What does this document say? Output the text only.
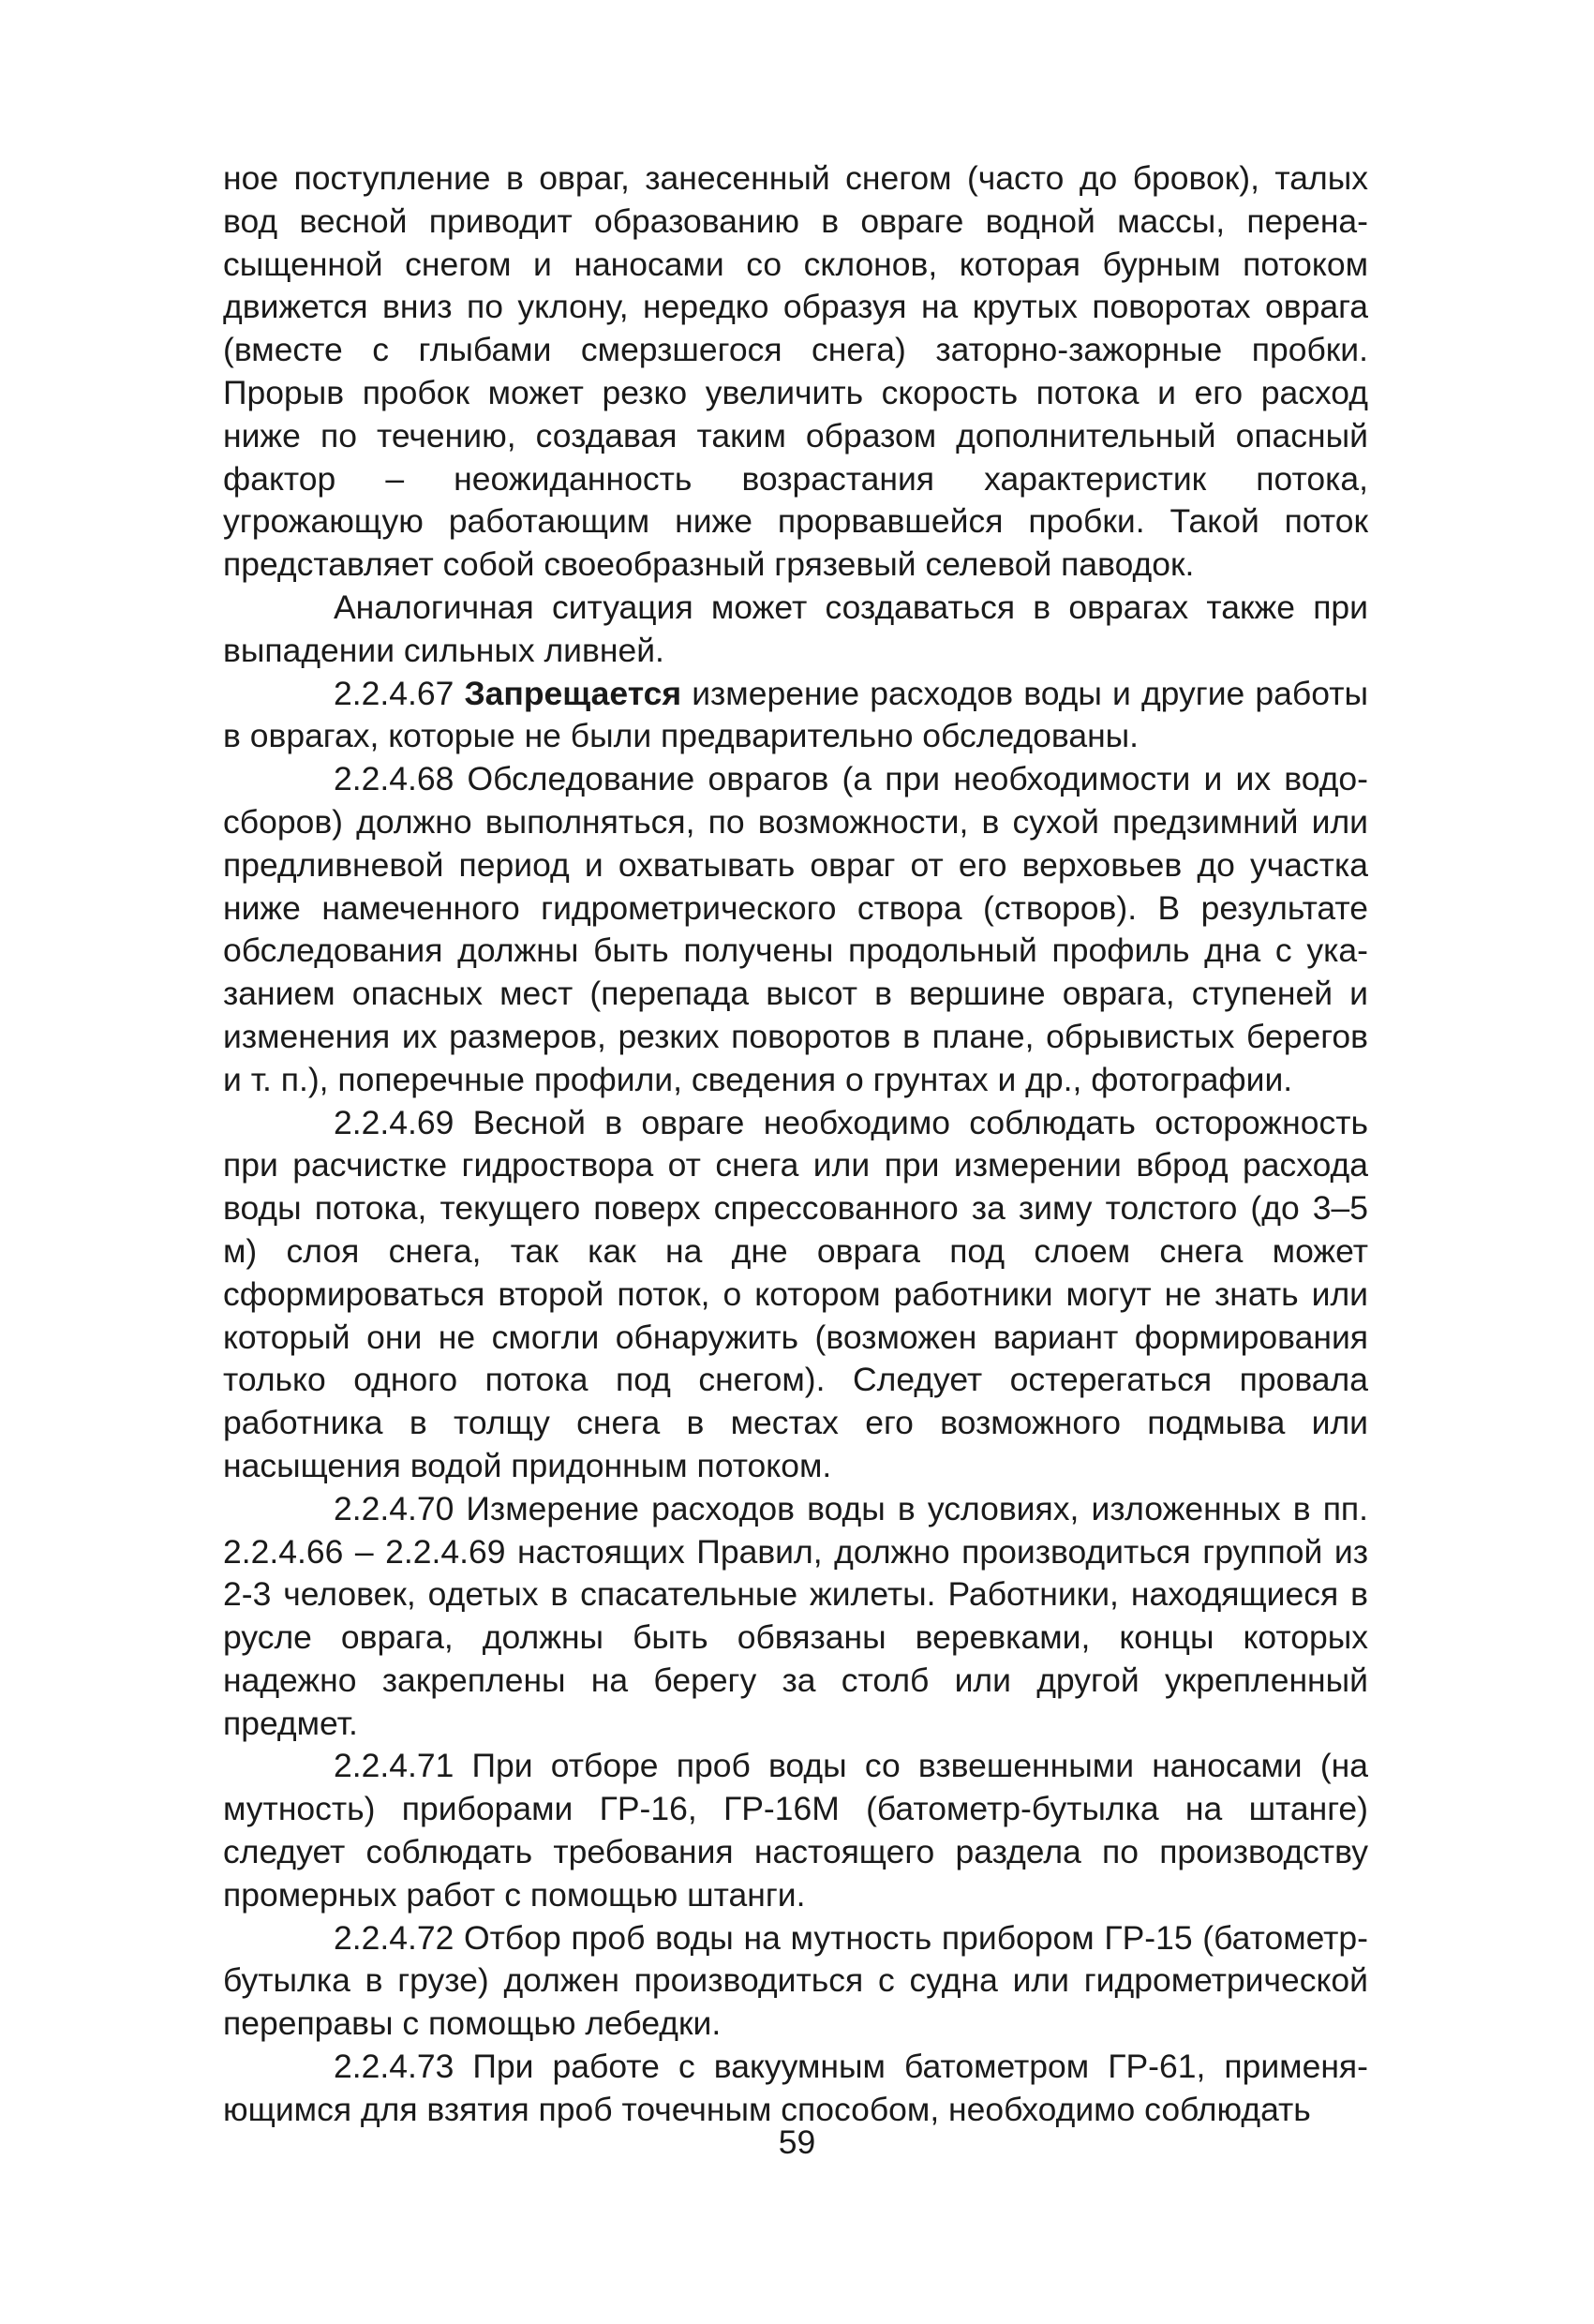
ное поступление в овраг, занесенный снегом (часто до бровок), талых вод весной приводит образованию в овраге водной массы, перенасыщенной снегом и наносами со склонов, которая бурным потоком движется вниз по уклону, нередко образуя на крутых поворотах оврага (вместе с глыбами смерзшегося снега) заторно-зажорные пробки. Прорыв пробок может резко увеличить скорость потока и его расход ниже по течению, создавая таким образом дополнительный опасный фактор – неожиданность возрастания характеристик потока, угрожающую работающим ниже прорвавшейся пробки. Такой поток представляет собой своеобразный грязевый селевой паводок.

Аналогичная ситуация может создаваться в оврагах также при выпадении сильных ливней.

2.2.4.67 Запрещается измерение расходов воды и другие работы в оврагах, которые не были предварительно обследованы.

2.2.4.68 Обследование оврагов (а при необходимости и их водосборов) должно выполняться, по возможности, в сухой предзимний или предливневой период и охватывать овраг от его верховьев до участка ниже намеченного гидрометрического створа (створов). В результате обследования должны быть получены продольный профиль дна с указанием опасных мест (перепада высот в вершине оврага, ступеней и изменения их размеров, резких поворотов в плане, обрывистых берегов и т. п.), поперечные профили, сведения о грунтах и др., фотографии.

2.2.4.69 Весной в овраге необходимо соблюдать осторожность при расчистке гидроствора от снега или при измерении вброд расхода воды потока, текущего поверх спрессованного за зиму толстого (до 3–5 м) слоя снега, так как на дне оврага под слоем снега может сформироваться второй поток, о котором работники могут не знать или который они не смогли обнаружить (возможен вариант формирования только одного потока под снегом). Следует остерегаться провала работника в толщу снега в местах его возможного подмыва или насыщения водой придонным потоком.

2.2.4.70 Измерение расходов воды в условиях, изложенных в пп. 2.2.4.66 – 2.2.4.69 настоящих Правил, должно производиться группой из 2-3 человек, одетых в спасательные жилеты. Работники, находящиеся в русле оврага, должны быть обвязаны веревками, концы которых надежно закреплены на берегу за столб или другой укрепленный предмет.

2.2.4.71 При отборе проб воды со взвешенными наносами (на мутность) приборами ГР-16, ГР-16М (батометр-бутылка на штанге) следует соблюдать требования настоящего раздела по производству промерных работ с помощью штанги.

2.2.4.72 Отбор проб воды на мутность прибором ГР-15 (батометр-бутылка в грузе) должен производиться с судна или гидрометрической переправы с помощью лебедки.

2.2.4.73 При работе с вакуумным батометром ГР-61, применяющимся для взятия проб точечным способом, необходимо соблюдать

59
